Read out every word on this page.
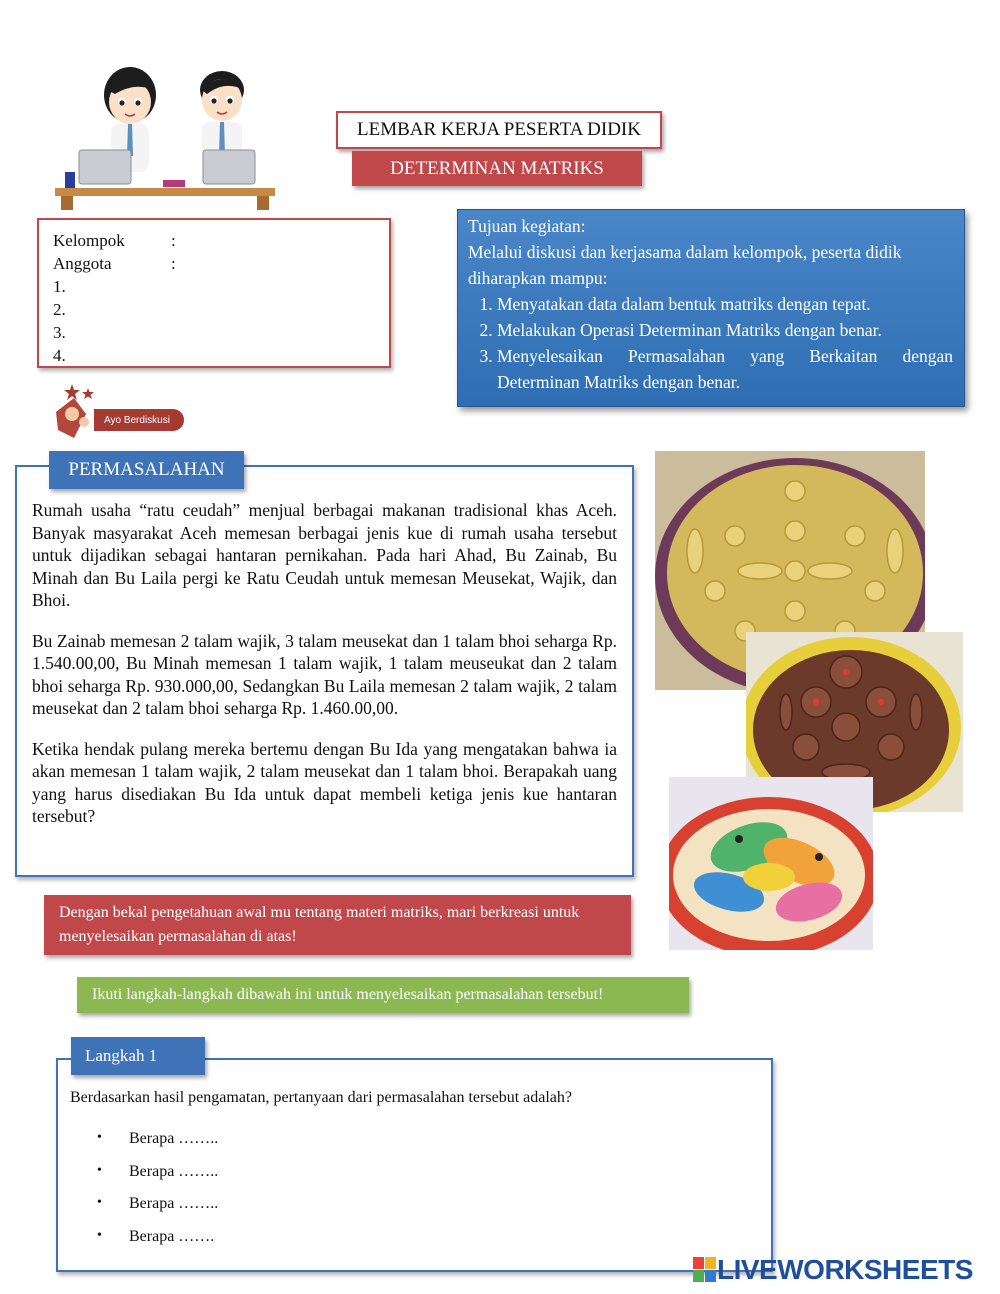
LEMBAR KERJA PESERTA DIDIK
DETERMINAN MATRIKS
Kelompok	:
Anggota	:
1.
2.
3.
4.
Tujuan kegiatan:
Melalui diskusi dan kerjasama dalam kelompok, peserta didik diharapkan mampu:
1. Menyatakan data dalam bentuk matriks dengan tepat.
2. Melakukan Operasi Determinan Matriks dengan benar.
3. Menyelesaikan Permasalahan yang Berkaitan dengan Determinan Matriks dengan benar.
Ayo Berdiskusi

Rumah usaha “ratu ceudah” menjual berbagai makanan tradisional khas Aceh. Banyak masyarakat Aceh memesan berbagai jenis kue di rumah usaha tersebut untuk dijadikan sebagai hantaran pernikahan. Pada hari Ahad, Bu Zainab, Bu Minah dan Bu Laila pergi ke Ratu Ceudah untuk memesan Meusekat, Wajik, dan Bhoi.

Bu Zainab memesan 2 talam wajik, 3 talam meusekat dan 1 talam bhoi seharga Rp. 1.540.00,00, Bu Minah memesan 1 talam wajik, 1 talam meuseukat dan 2 talam bhoi seharga Rp. 930.000,00, Sedangkan Bu Laila memesan 2 talam wajik, 2 talam meusekat dan 2 talam bhoi seharga Rp. 1.460.00,00.

Ketika hendak pulang mereka bertemu dengan Bu Ida yang mengatakan bahwa ia akan memesan 1 talam wajik, 2 talam meusekat dan 1 talam bhoi. Berapakah uang yang harus disediakan Bu Ida untuk dapat membeli ketiga jenis kue hantaran tersebut?

PERMASALAHAN
Dengan bekal pengetahuan awal mu tentang materi matriks, mari berkreasi untuk menyelesaikan permasalahan di atas!
Ikuti langkah-langkah dibawah ini untuk menyelesaikan permasalahan tersebut!
Langkah 1
Berdasarkan hasil pengamatan, pertanyaan dari permasalahan tersebut adalah?
•	Berapa ……..
•	Berapa ……..
•	Berapa ……..
•	Berapa …….
LIVEWORKSHEETS
